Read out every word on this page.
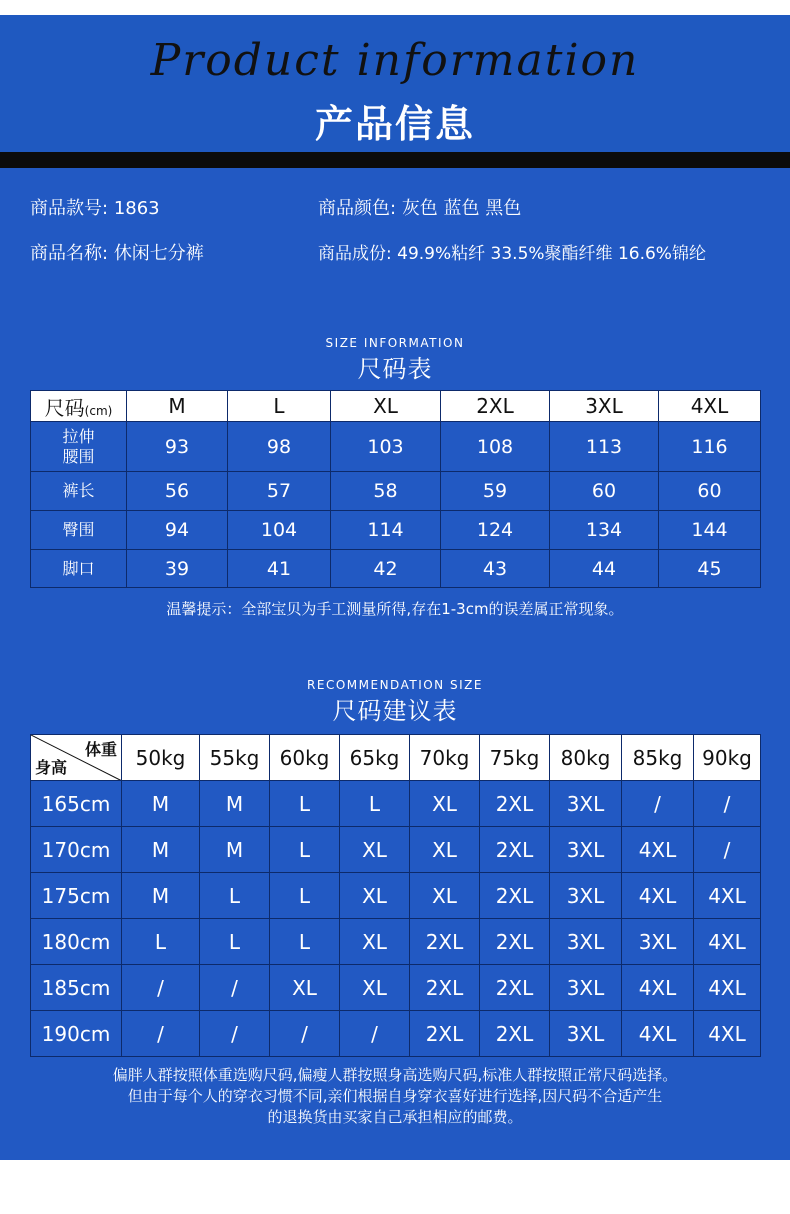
Product information
产品信息
商品款号: 1863	商品颜色: 灰色 蓝色 黑色
商品名称: 休闲七分裤	商品成份: 49.9%粘纤 33.5%聚酯纤维 16.6%锦纶
SIZE INFORMATION
尺码表
尺码(cm)	M	L	XL	2XL	3XL	4XL

拉伸
腰围	93	98	103	108	113	116
裤长	56	57	58	59	60	60
臀围	94	104	114	124	134	144
脚口	39	41	42	43	44	45
温馨提示：全部宝贝为手工测量所得,存在1-3cm的误差属正常现象。
RECOMMENDATION SIZE
尺码建议表
体重
身高	50kg	55kg	60kg	65kg	70kg	75kg	80kg	85kg	90kg
165cm	M	M	L	L	XL	2XL	3XL	/	/
170cm	M	M	L	XL	XL	2XL	3XL	4XL	/
175cm	M	L	L	XL	XL	2XL	3XL	4XL	4XL
180cm	L	L	L	XL	2XL	2XL	3XL	3XL	4XL
185cm	/	/	XL	XL	2XL	2XL	3XL	4XL	4XL
190cm	/	/	/	/	2XL	2XL	3XL	4XL	4XL
偏胖人群按照体重选购尺码,偏瘦人群按照身高选购尺码,标准人群按照正常尺码选择。
但由于每个人的穿衣习惯不同,亲们根据自身穿衣喜好进行选择,因尺码不合适产生
的退换货由买家自己承担相应的邮费。
